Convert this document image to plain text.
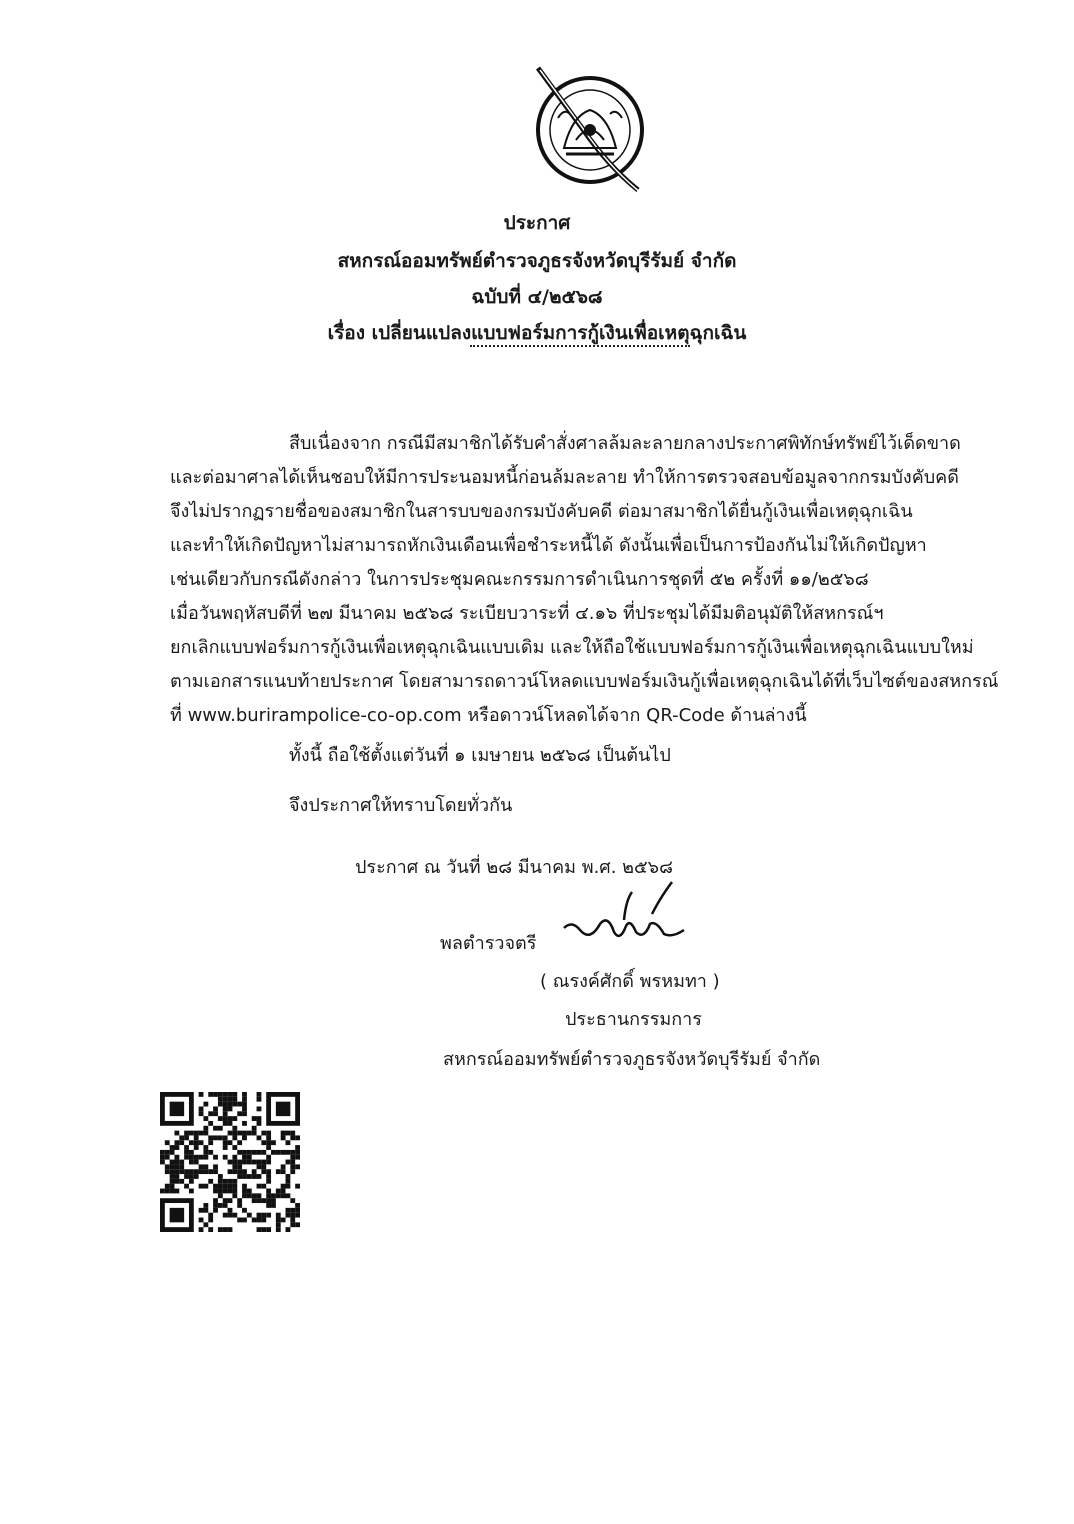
ประกาศ
สหกรณ์ออมทรัพย์ตำรวจภูธรจังหวัดบุรีรัมย์ จำกัด
ฉบับที่ ๔/๒๕๖๘
เรื่อง เปลี่ยนแปลงแบบฟอร์มการกู้เงินเพื่อเหตุฉุกเฉิน
สืบเนื่องจาก กรณีมีสมาชิกได้รับคำสั่งศาลล้มละลายกลางประกาศพิทักษ์ทรัพย์ไว้เด็ดขาด
และต่อมาศาลได้เห็นชอบให้มีการประนอมหนี้ก่อนล้มละลาย ทำให้การตรวจสอบข้อมูลจากกรมบังคับคดี
จึงไม่ปรากฏรายชื่อของสมาชิกในสารบบของกรมบังคับคดี ต่อมาสมาชิกได้ยื่นกู้เงินเพื่อเหตุฉุกเฉิน
และทำให้เกิดปัญหาไม่สามารถหักเงินเดือนเพื่อชำระหนี้ได้ ดังนั้นเพื่อเป็นการป้องกันไม่ให้เกิดปัญหา
เช่นเดียวกับกรณีดังกล่าว ในการประชุมคณะกรรมการดำเนินการชุดที่ ๕๒ ครั้งที่ ๑๑/๒๕๖๘
เมื่อวันพฤหัสบดีที่ ๒๗ มีนาคม ๒๕๖๘ ระเบียบวาระที่ ๔.๑๖ ที่ประชุมได้มีมติอนุมัติให้สหกรณ์ฯ
ยกเลิกแบบฟอร์มการกู้เงินเพื่อเหตุฉุกเฉินแบบเดิม และให้ถือใช้แบบฟอร์มการกู้เงินเพื่อเหตุฉุกเฉินแบบใหม่
ตามเอกสารแนบท้ายประกาศ โดยสามารถดาวน์โหลดแบบฟอร์มเงินกู้เพื่อเหตุฉุกเฉินได้ที่เว็บไซต์ของสหกรณ์
ที่ www.buriram​police-co-op.com หรือดาวน์โหลดได้จาก QR-Code ด้านล่างนี้
ทั้งนี้ ถือใช้ตั้งแต่วันที่ ๑ เมษายน ๒๕๖๘ เป็นต้นไป
จึงประกาศให้ทราบโดยทั่วกัน
ประกาศ ณ วันที่ ๒๘ มีนาคม พ.ศ. ๒๕๖๘
พลตำรวจตรี
( ณรงค์ศักดิ์ พรหมทา )
ประธานกรรมการ
สหกรณ์ออมทรัพย์ตำรวจภูธรจังหวัดบุรีรัมย์ จำกัด
